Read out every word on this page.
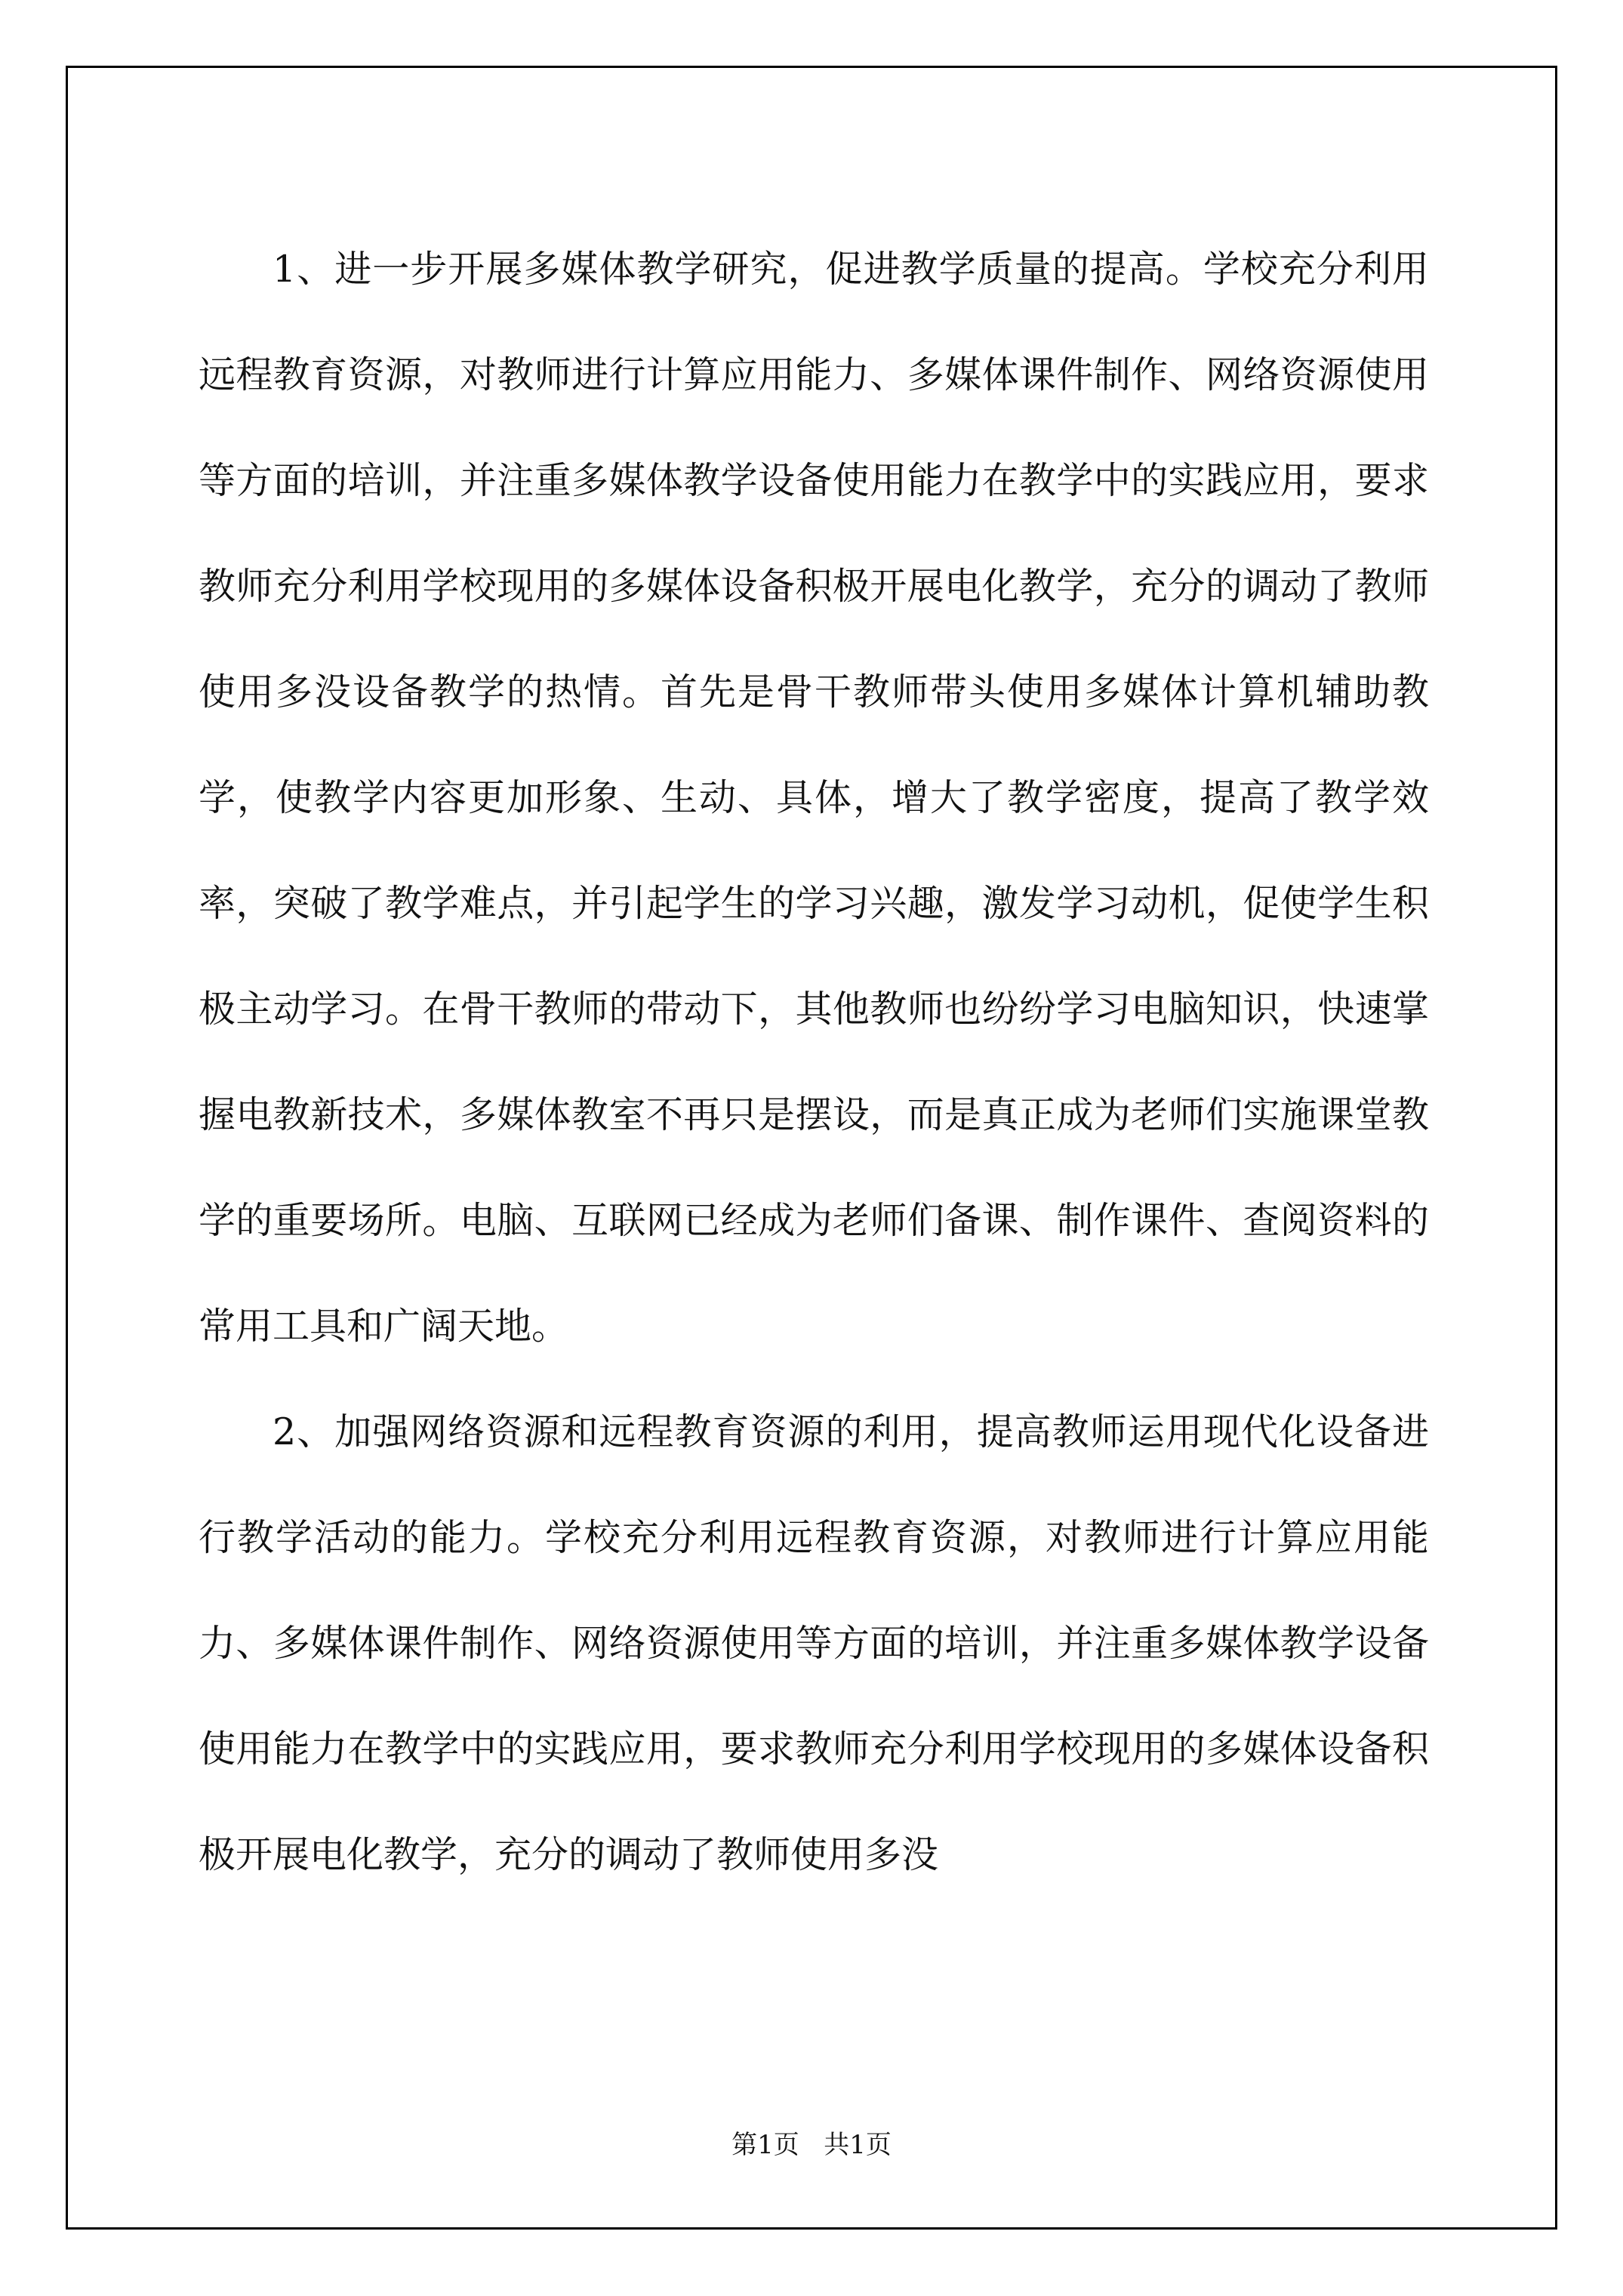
1、进一步开展多媒体教学研究，促进教学质量的提高。学校充分利用远程教育资源，对教师进行计算应用能力、多媒体课件制作、网络资源使用等方面的培训，并注重多媒体教学设备使用能力在教学中的实践应用，要求教师充分利用学校现用的多媒体设备积极开展电化教学，充分的调动了教师使用多没设备教学的热情。首先是骨干教师带头使用多媒体计算机辅助教学，使教学内容更加形象、生动、具体，增大了教学密度，提高了教学效率，突破了教学难点，并引起学生的学习兴趣，激发学习动机，促使学生积极主动学习。在骨干教师的带动下，其他教师也纷纷学习电脑知识，快速掌握电教新技术，多媒体教室不再只是摆设，而是真正成为老师们实施课堂教学的重要场所。电脑、互联网已经成为老师们备课、制作课件、查阅资料的常用工具和广阔天地。

2、加强网络资源和远程教育资源的利用，提高教师运用现代化设备进行教学活动的能力。学校充分利用远程教育资源，对教师进行计算应用能力、多媒体课件制作、网络资源使用等方面的培训，并注重多媒体教学设备使用能力在教学中的实践应用，要求教师充分利用学校现用的多媒体设备积极开展电化教学，充分的调动了教师使用多没

第1页   共1页
